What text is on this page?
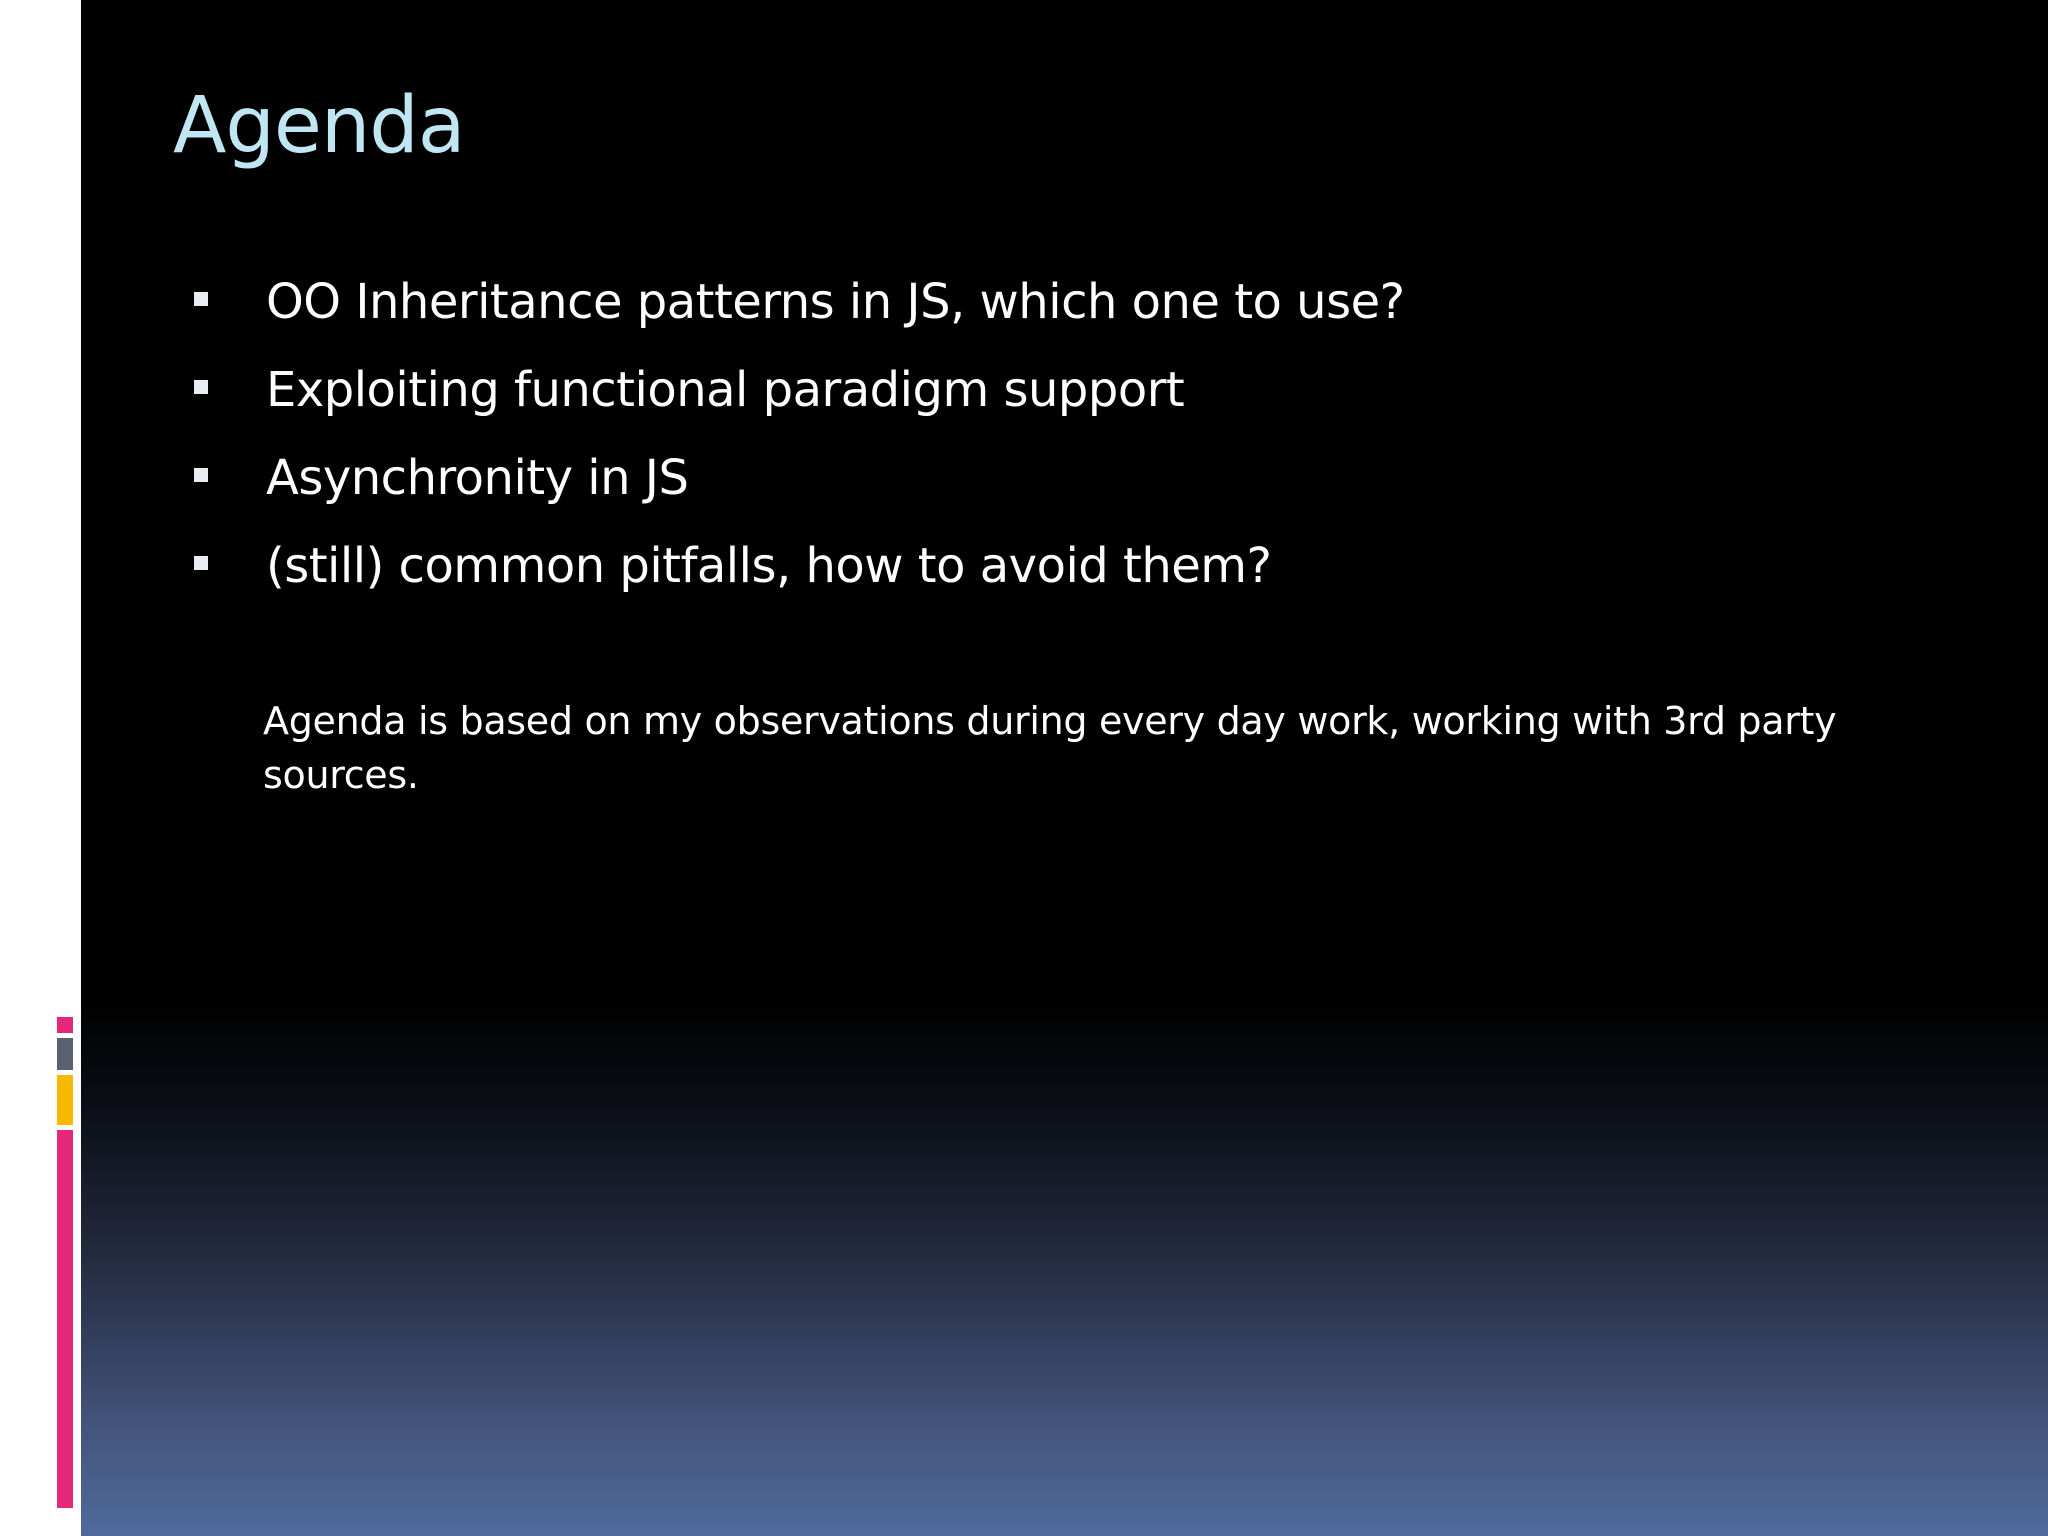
Agenda
OO Inheritance patterns in JS, which one to use?
Exploiting functional paradigm support
Asynchronity in JS
(still) common pitfalls, how to avoid them?
Agenda is based on my observations during every day work, working with 3rd party sources.
